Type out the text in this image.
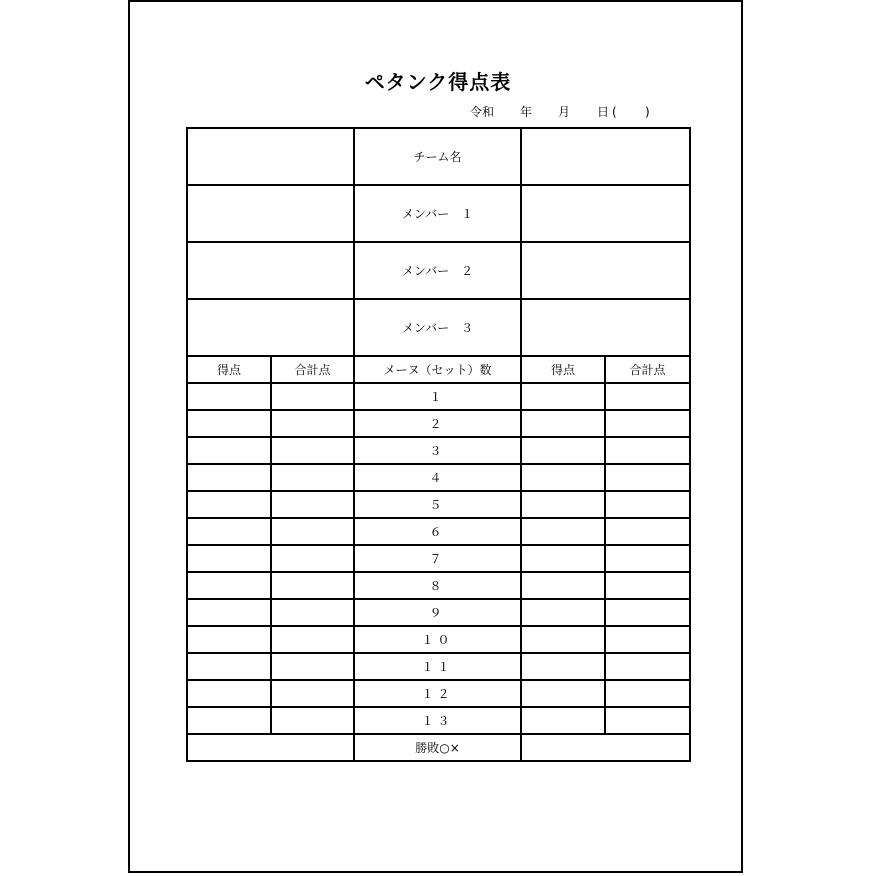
ペタンク得点表
令和 年 月 日 ( )
		チーム名		
		メンバー　１		
		メンバー　２		
		メンバー　３		
得点	合計点	メーヌ（セット）数	得点	合計点
		１		
		２		
		３		
		４		
		５		
		６		
		７		
		８		
		９		
		１０		
		１１		
		１２		
		１３		
		勝敗○×		
